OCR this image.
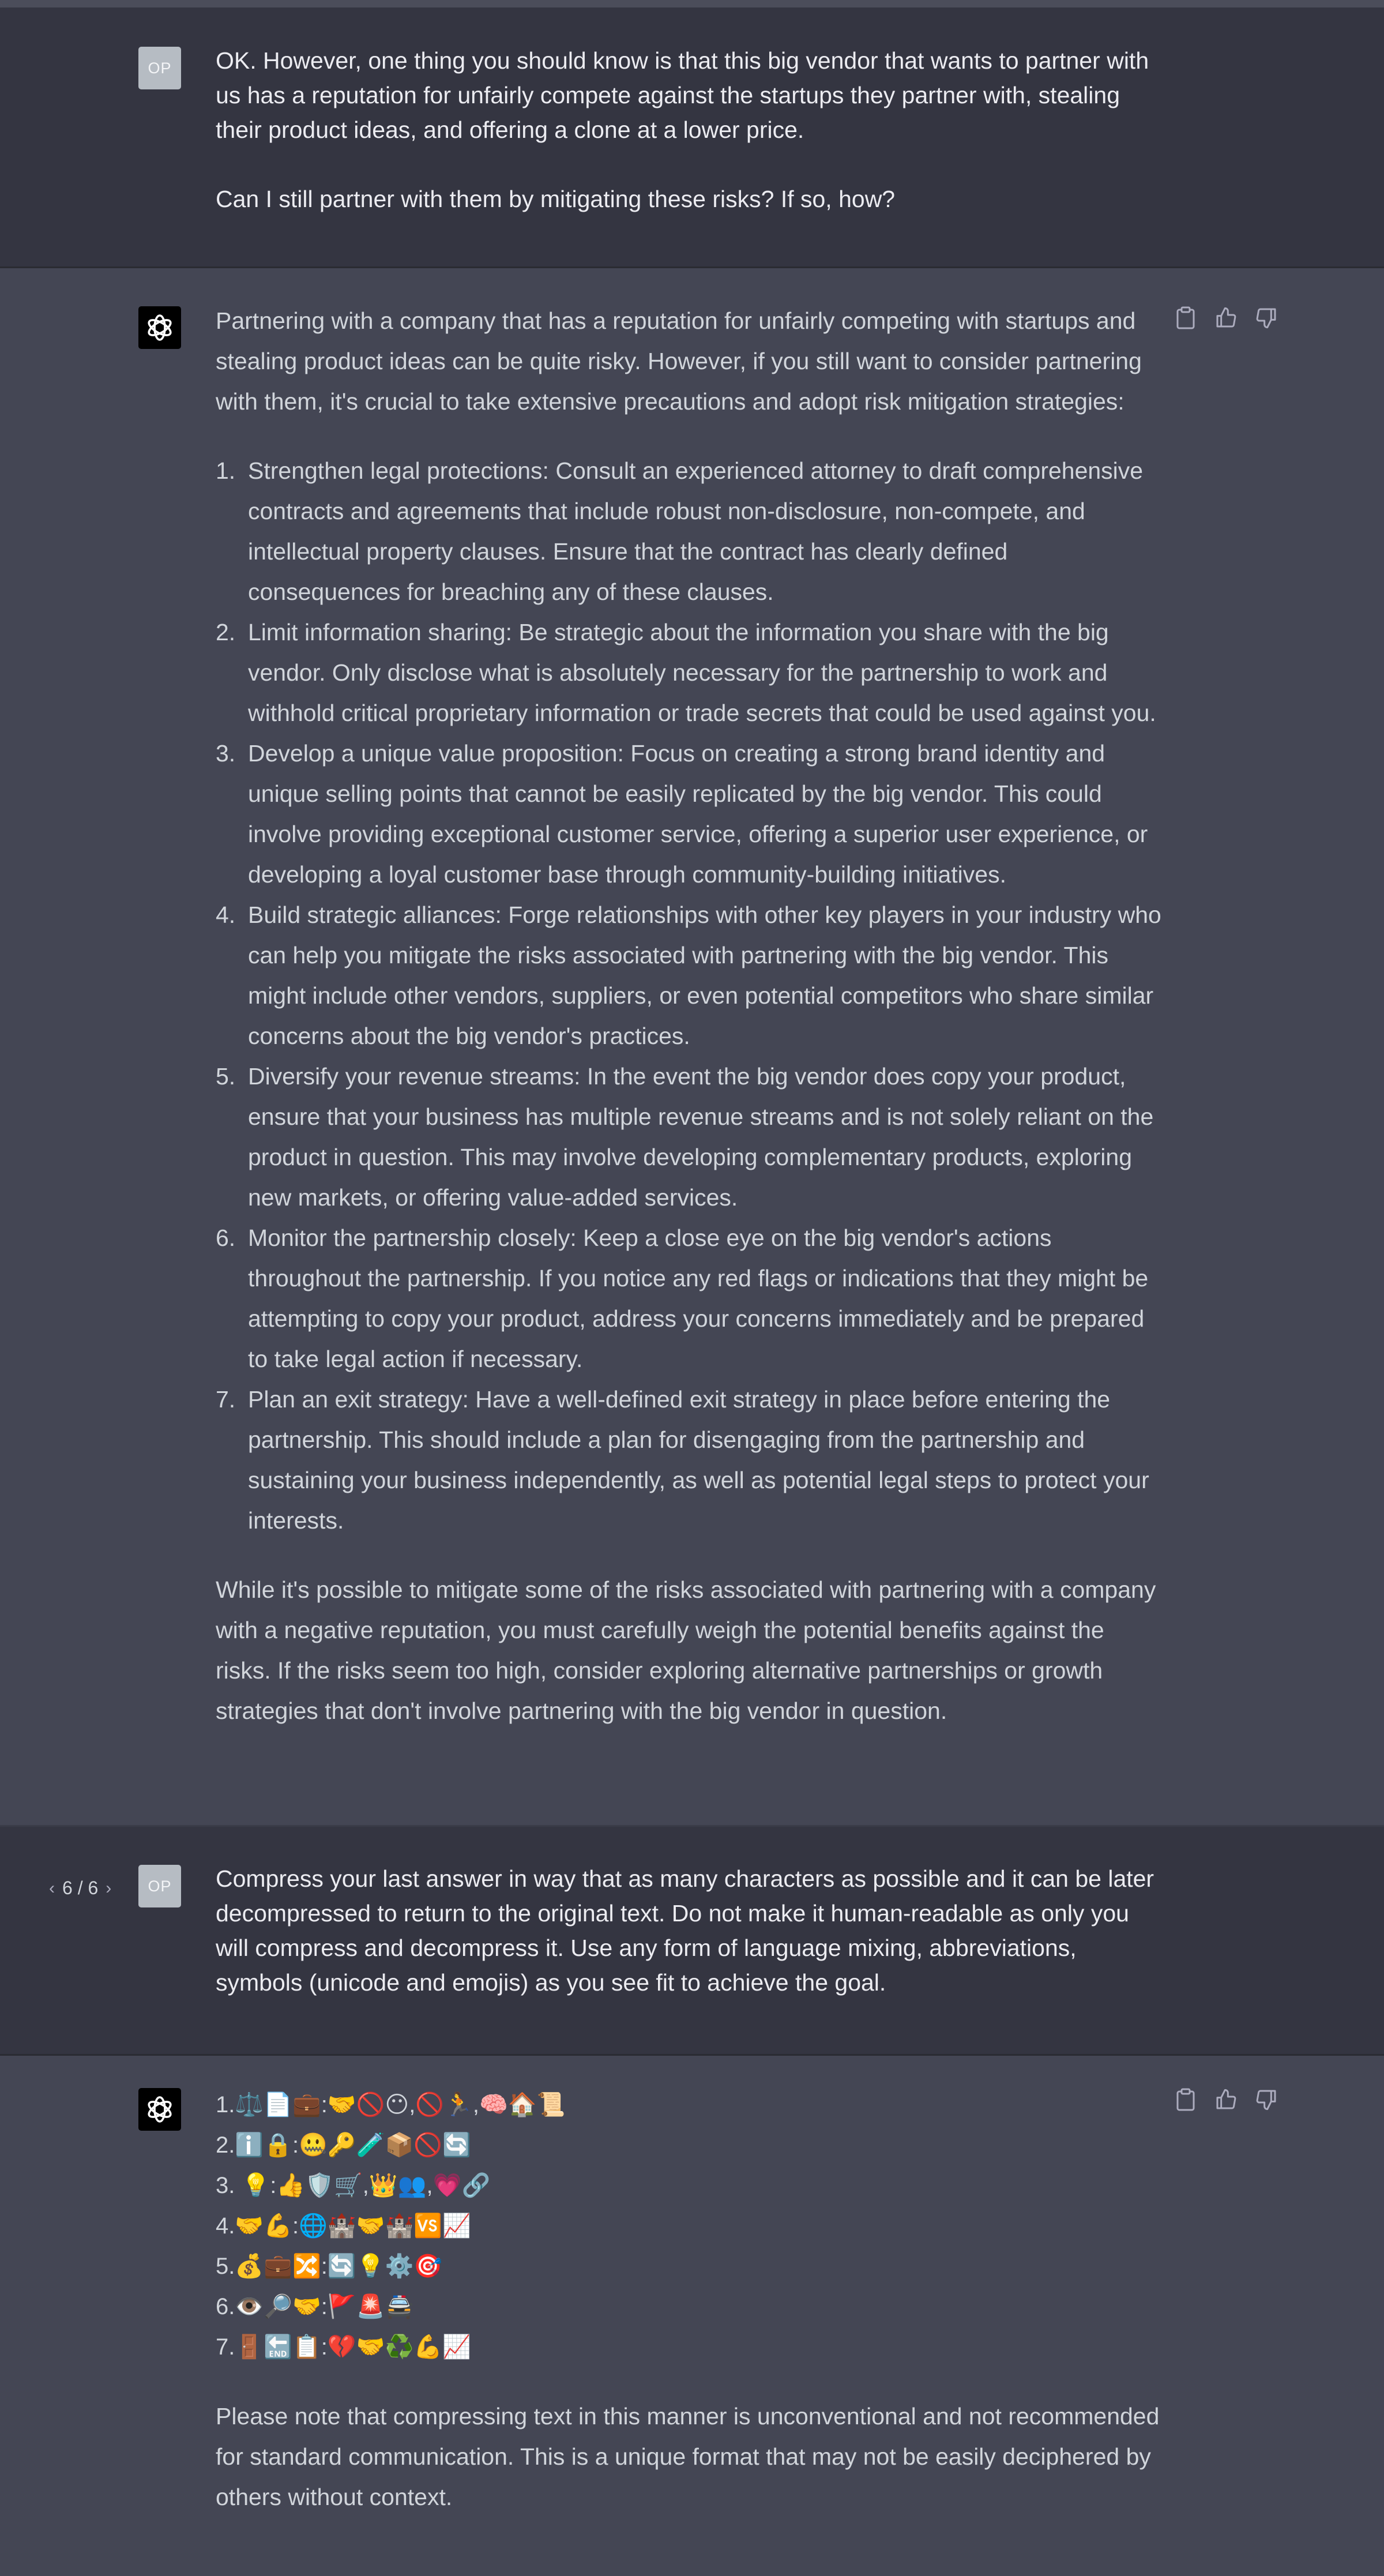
OP	OK. However, one thing you should know is that this big vendor that wants to partner with us has a reputation for unfairly compete against the startups they partner with, stealing their product ideas, and offering a clone at a lower price.

Can I still partner with them by mitigating these risks? If so, how?

Partnering with a company that has a reputation for unfairly competing with startups and stealing product ideas can be quite risky. However, if you still want to consider partnering with them, it's crucial to take extensive precautions and adopt risk mitigation strategies:

1. Strengthen legal protections: Consult an experienced attorney to draft comprehensive contracts and agreements that include robust non-disclosure, non-compete, and intellectual property clauses. Ensure that the contract has clearly defined consequences for breaching any of these clauses.
2. Limit information sharing: Be strategic about the information you share with the big vendor. Only disclose what is absolutely necessary for the partnership to work and withhold critical proprietary information or trade secrets that could be used against you.
3. Develop a unique value proposition: Focus on creating a strong brand identity and unique selling points that cannot be easily replicated by the big vendor. This could involve providing exceptional customer service, offering a superior user experience, or developing a loyal customer base through community-building initiatives.
4. Build strategic alliances: Forge relationships with other key players in your industry who can help you mitigate the risks associated with partnering with the big vendor. This might include other vendors, suppliers, or even potential competitors who share similar concerns about the big vendor's practices.
5. Diversify your revenue streams: In the event the big vendor does copy your product, ensure that your business has multiple revenue streams and is not solely reliant on the product in question. This may involve developing complementary products, exploring new markets, or offering value-added services.
6. Monitor the partnership closely: Keep a close eye on the big vendor's actions throughout the partnership. If you notice any red flags or indications that they might be attempting to copy your product, address your concerns immediately and be prepared to take legal action if necessary.
7. Plan an exit strategy: Have a well-defined exit strategy in place before entering the partnership. This should include a plan for disengaging from the partnership and sustaining your business independently, as well as potential legal steps to protect your interests.

While it's possible to mitigate some of the risks associated with partnering with a company with a negative reputation, you must carefully weigh the potential benefits against the risks. If the risks seem too high, consider exploring alternative partnerships or growth strategies that don't involve partnering with the big vendor in question.

‹ 6 / 6 ›	OP	Compress your last answer in way that as many characters as possible and it can be later decompressed to return to the original text. Do not make it human-readable as only you will compress and decompress it. Use any form of language mixing, abbreviations, symbols (unicode and emojis) as you see fit to achieve the goal.

1.⚖️📄💼:🤝🚫😶,🚫🏃,🧠🏠📜
2.ℹ️🔒:🤐🔑🧪📦🚫🔄
3. 💡:👍🛡️🛒,👑👥,💗🔗
4.🤝💪:🌐🏰🤝🏰🆚📈
5.💰💼🔀:🔄💡⚙️🎯
6.👁️🔎🤝:🚩🚨🚔
7.🚪🔚📋:💔🤝♻️💪📈

Please note that compressing text in this manner is unconventional and not recommended for standard communication. This is a unique format that may not be easily deciphered by others without context.
